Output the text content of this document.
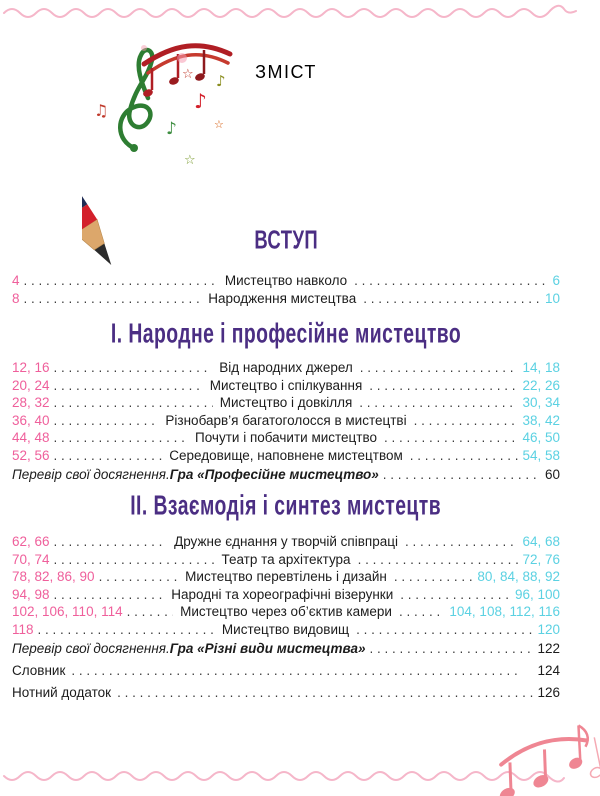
♪
♪
♪
♫
☆
☆
☆
ЗМІСТ
ВСТУП
4 . . .	Мистецтво навколо . . .	6
8 . . .	Народження мистецтва . . .	10
І. Народне і професійне мистецтво
12, 16 . . .	Від народних джерел . . .	14, 18
20, 24 . . .	Мистецтво і спілкування . . .	22, 26
28, 32 . . .	Мистецтво і довкілля . . .	30, 34
36, 40 . . .	Різнобарв’я багатоголосся в мистецтві . . .	38, 42
44, 48 . . .	Почути і побачити мистецтво . . .	46, 50
52, 56 . . .	Середовище, наповнене мистецтвом . . .	54, 58
Перевір свої досягнення. Гра «Професійне мистецтво» . . .	60
ІІ. Взаємодія і синтез мистецтв
62, 66 . . .	Дружне єднання у творчій співпраці . . .	64, 68
70, 74 . . .	Театр та архітектура . . .	72, 76
78, 82, 86, 90 . . .	Мистецтво перевтілень і дизайн . . .	80, 84, 88, 92
94, 98 . . .	Народні та хореографічні візерунки . . .	96, 100
102, 106, 110, 114 . . .	Мистецтво через об’єктив камери . . .	104, 108, 112, 116
118 . . .	Мистецтво видовищ . . .	120
Перевір свої досягнення. Гра «Різні види мистецтва» . . .	122
Словник . . .	124
Нотний додаток . . .	126
